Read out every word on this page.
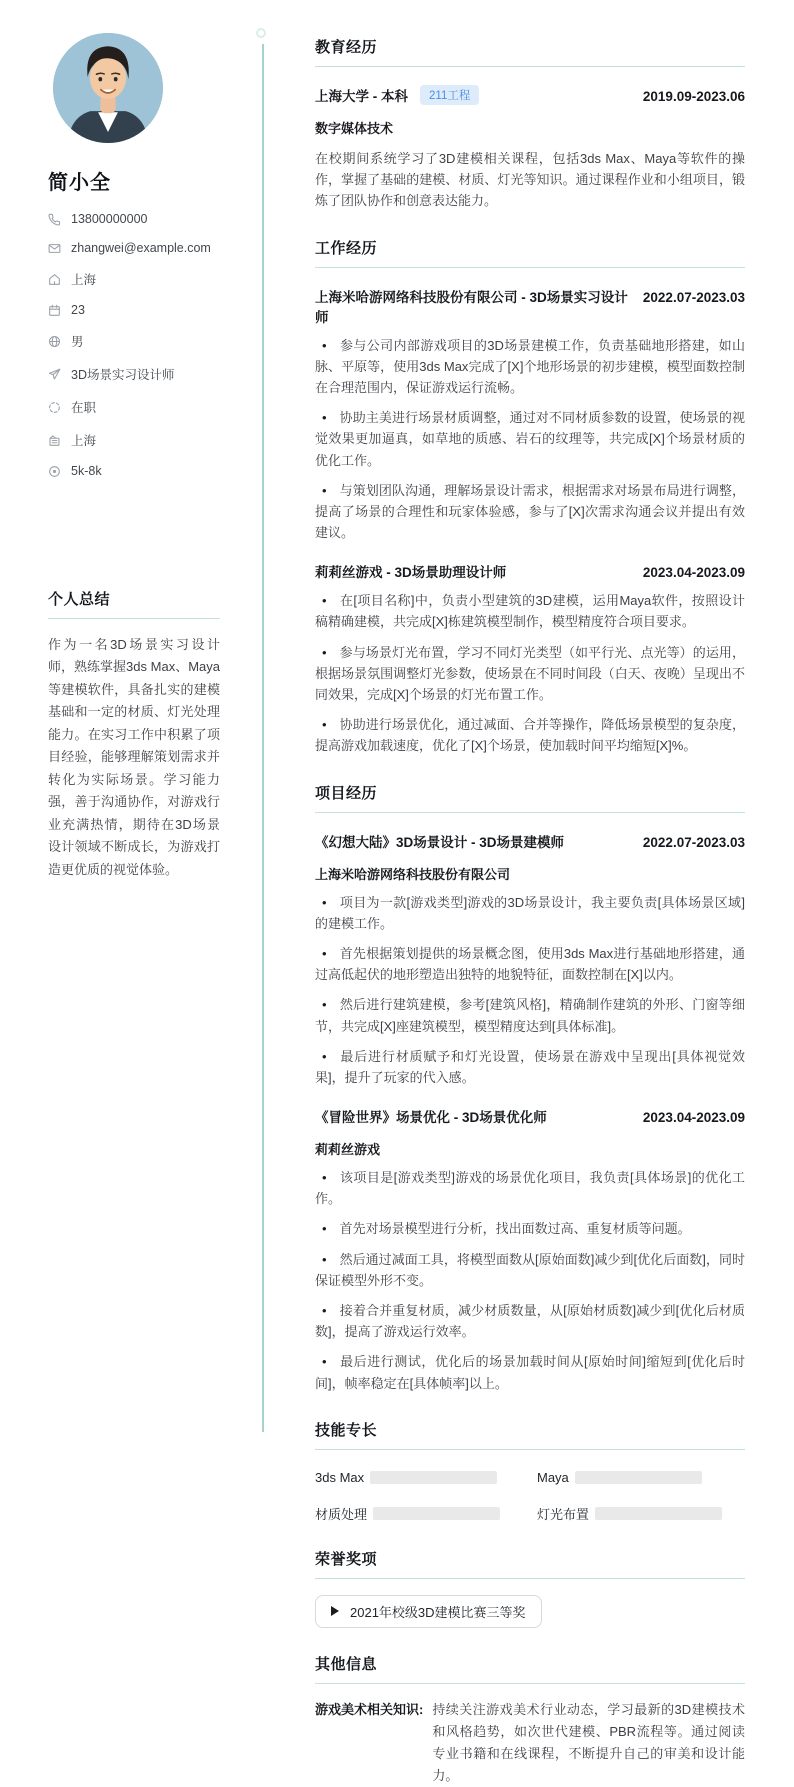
简小全
13800000000
zhangwei@example.com
上海
23
男
3D场景实习设计师
在职
上海
5k-8k
个人总结
作为一名3D场景实习设计师，熟练掌握3ds Max、Maya等建模软件，具备扎实的建模基础和一定的材质、灯光处理能力。在实习工作中积累了项目经验，能够理解策划需求并转化为实际场景。学习能力强，善于沟通协作，对游戏行业充满热情，期待在3D场景设计领域不断成长，为游戏打造更优质的视觉体验。
教育经历
上海大学 - 本科	211工程	2019.09-2023.06
数字媒体技术
在校期间系统学习了3D建模相关课程，包括3ds Max、Maya等软件的操作，掌握了基础的建模、材质、灯光等知识。通过课程作业和小组项目，锻炼了团队协作和创意表达能力。
工作经历
上海米哈游网络科技股份有限公司 - 3D场景实习设计师
2022.07-2023.03

• 参与公司内部游戏项目的3D场景建模工作，负责基础地形搭建，如山脉、平原等，使用3ds Max完成了[X]个地形场景的初步建模，模型面数控制在合理范围内，保证游戏运行流畅。

• 协助主美进行场景材质调整，通过对不同材质参数的设置，使场景的视觉效果更加逼真，如草地的质感、岩石的纹理等，共完成[X]个场景材质的优化工作。

• 与策划团队沟通，理解场景设计需求，根据需求对场景布局进行调整，提高了场景的合理性和玩家体验感，参与了[X]次需求沟通会议并提出有效建议。

莉莉丝游戏 - 3D场景助理设计师	2023.04-2023.09

• 在[项目名称]中，负责小型建筑的3D建模，运用Maya软件，按照设计稿精确建模，共完成[X]栋建筑模型制作，模型精度符合项目要求。

• 参与场景灯光布置，学习不同灯光类型（如平行光、点光等）的运用，根据场景氛围调整灯光参数，使场景在不同时间段（白天、夜晚）呈现出不同效果，完成[X]个场景的灯光布置工作。

• 协助进行场景优化，通过减面、合并等操作，降低场景模型的复杂度，提高游戏加载速度，优化了[X]个场景，使加载时间平均缩短[X]%。

项目经历
《幻想大陆》3D场景设计 - 3D场景建模师	2022.07-2023.03
上海米哈游网络科技股份有限公司

• 项目为一款[游戏类型]游戏的3D场景设计，我主要负责[具体场景区域]的建模工作。

• 首先根据策划提供的场景概念图，使用3ds Max进行基础地形搭建，通过高低起伏的地形塑造出独特的地貌特征，面数控制在[X]以内。

• 然后进行建筑建模，参考[建筑风格]，精确制作建筑的外形、门窗等细节，共完成[X]座建筑模型，模型精度达到[具体标准]。

• 最后进行材质赋予和灯光设置，使场景在游戏中呈现出[具体视觉效果]，提升了玩家的代入感。

《冒险世界》场景优化 - 3D场景优化师	2023.04-2023.09
莉莉丝游戏

• 该项目是[游戏类型]游戏的场景优化项目，我负责[具体场景]的优化工作。

• 首先对场景模型进行分析，找出面数过高、重复材质等问题。

• 然后通过减面工具，将模型面数从[原始面数]减少到[优化后面数]，同时保证模型外形不变。

• 接着合并重复材质，减少材质数量，从[原始材质数]减少到[优化后材质数]，提高了游戏运行效率。

• 最后进行测试，优化后的场景加载时间从[原始时间]缩短到[优化后时间]，帧率稳定在[具体帧率]以上。

技能专长
3ds Max	Maya
材质处理	灯光布置
荣誉奖项
2021年校级3D建模比赛三等奖
其他信息
游戏美术相关知识: 持续关注游戏美术行业动态，学习最新的3D建模技术和风格趋势，如次世代建模、PBR流程等。通过阅读专业书籍和在线课程，不断提升自己的审美和设计能力。
